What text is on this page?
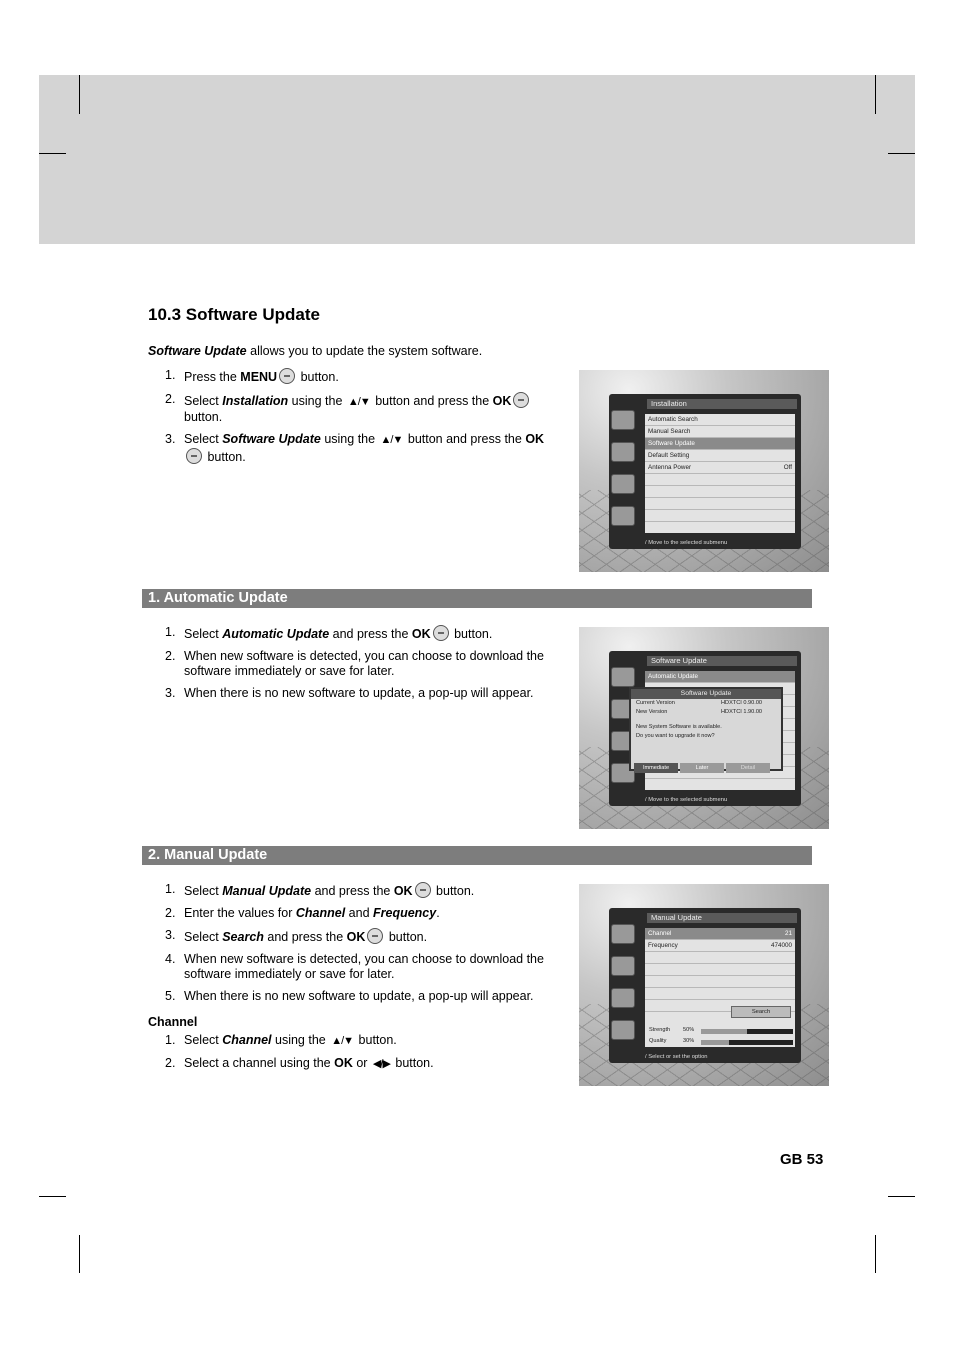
10.3 Software Update
Software Update allows you to update the system software.
1. Press the MENU button.
2. Select Installation using the ▲/▼ button and press the OK button.
3. Select Software Update using the ▲/▼ button and press the OK button.
Installation
Automatic Search
Manual Search
Software Update
Default Setting
Antenna Power	Off
/ Move to the selected submenu
1. Automatic Update
1. Select Automatic Update and press the OK button.
2. When new software is detected, you can choose to download the software immediately or save for later.
3. When there is no new software to update, a pop-up will appear.
Software Update
Automatic Update
Software Update
Current Version	HDXTCI 0.90.00
New Version	HDXTCI 1.90.00
New System Software is available.
Do you want to upgrade it now?
Immediate	Later	Detail
/ Move to the selected submenu
2. Manual Update
1. Select Manual Update and press the OK button.
2. Enter the values for Channel and Frequency.
3. Select Search and press the OK button.
4. When new software is detected, you can choose to download the software immediately or save for later.
5. When there is no new software to update, a pop-up will appear.
Channel
1. Select Channel using the ▲/▼ button.
2. Select a channel using the OK or ◀/▶ button.
Manual Update
Channel	21
Frequency	474000
Search
Strength 50%
Quality	30%
/ Select or set the option
GB 53
